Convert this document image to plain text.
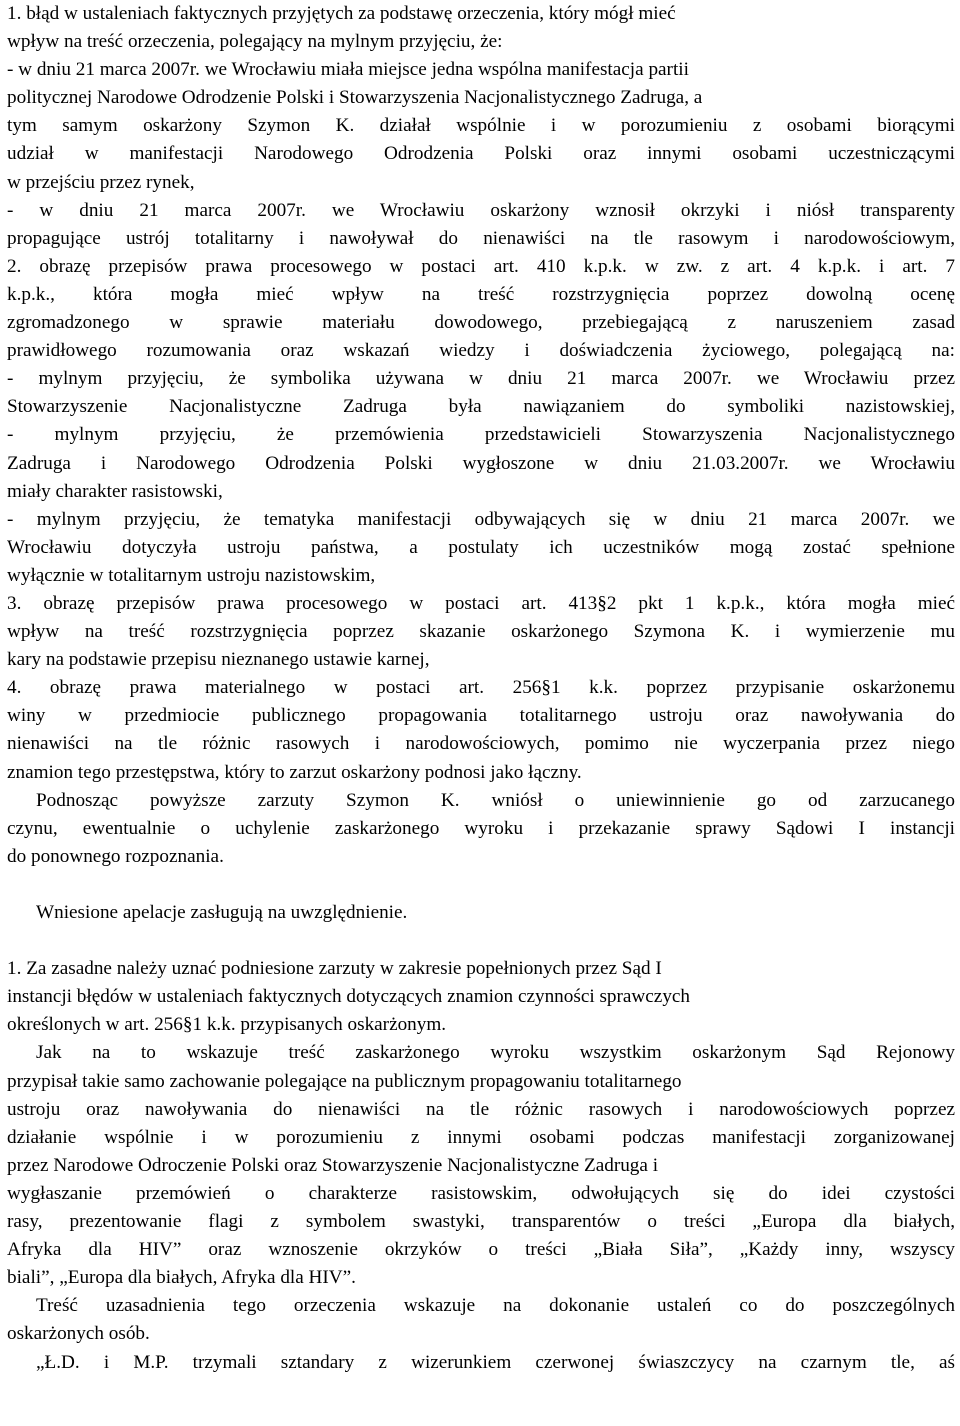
1. błąd w ustaleniach faktycznych przyjętych za podstawę orzeczenia, który mógł mieć
wpływ na treść orzeczenia, polegający na mylnym przyjęciu, że:
- w dniu 21 marca 2007r. we Wrocławiu miała miejsce jedna wspólna manifestacja partii
politycznej Narodowe Odrodzenie Polski i Stowarzyszenia Nacjonalistycznego Zadruga, a
tym samym oskarżony Szymon K. działał wspólnie i w porozumieniu z osobami biorącymi
udział w manifestacji Narodowego Odrodzenia Polski oraz innymi osobami uczestniczącymi
w przejściu przez rynek,
- w dniu 21 marca 2007r. we Wrocławiu oskarżony wznosił okrzyki i niósł transparenty
propagujące ustrój totalitarny i nawoływał do nienawiści na tle rasowym i narodowościowym,
2. obrazę przepisów prawa procesowego w postaci art. 410 k.p.k. w zw. z art. 4 k.p.k. i art. 7
k.p.k., która mogła mieć wpływ na treść rozstrzygnięcia poprzez dowolną ocenę
zgromadzonego w sprawie materiału dowodowego, przebiegającą z naruszeniem zasad
prawidłowego rozumowania oraz wskazań wiedzy i doświadczenia życiowego, polegającą na:
- mylnym przyjęciu, że symbolika używana w dniu 21 marca 2007r. we Wrocławiu przez
Stowarzyszenie Nacjonalistyczne Zadruga była nawiązaniem do symboliki nazistowskiej,
- mylnym przyjęciu, że przemówienia przedstawicieli Stowarzyszenia Nacjonalistycznego
Zadruga i Narodowego Odrodzenia Polski wygłoszone w dniu 21.03.2007r. we Wrocławiu
miały charakter rasistowski,
- mylnym przyjęciu, że tematyka manifestacji odbywających się w dniu 21 marca 2007r. we
Wrocławiu dotyczyła ustroju państwa, a postulaty ich uczestników mogą zostać spełnione
wyłącznie w totalitarnym ustroju nazistowskim,
3. obrazę przepisów prawa procesowego w postaci art. 413§2 pkt 1 k.p.k., która mogła mieć
wpływ na treść rozstrzygnięcia poprzez skazanie oskarżonego Szymona K. i wymierzenie mu
kary na podstawie przepisu nieznanego ustawie karnej,
4. obrazę prawa materialnego w postaci art. 256§1 k.k. poprzez przypisanie oskarżonemu
winy w przedmiocie publicznego propagowania totalitarnego ustroju oraz nawoływania do
nienawiści na tle różnic rasowych i narodowościowych, pomimo nie wyczerpania przez niego
znamion tego przestępstwa, który to zarzut oskarżony podnosi jako łączny.
Podnosząc powyższe zarzuty Szymon K. wniósł o uniewinnienie go od zarzucanego
czynu, ewentualnie o uchylenie zaskarżonego wyroku i przekazanie sprawy Sądowi I instancji
do ponownego rozpoznania.
Wniesione apelacje zasługują na uwzględnienie.
1. Za zasadne należy uznać podniesione zarzuty w zakresie popełnionych przez Sąd I
instancji błędów w ustaleniach faktycznych dotyczących znamion czynności sprawczych
określonych w art. 256§1 k.k. przypisanych oskarżonym.
Jak na to wskazuje treść zaskarżonego wyroku wszystkim oskarżonym Sąd Rejonowy
przypisał takie samo zachowanie polegające na publicznym propagowaniu totalitarnego
ustroju oraz nawoływania do nienawiści na tle różnic rasowych i narodowościowych poprzez
działanie wspólnie i w porozumieniu z innymi osobami podczas manifestacji zorganizowanej
przez Narodowe Odroczenie Polski oraz Stowarzyszenie Nacjonalistyczne Zadruga i
wygłaszanie przemówień o charakterze rasistowskim, odwołujących się do idei czystości
rasy, prezentowanie flagi z symbolem swastyki, transparentów o treści „Europa dla białych,
Afryka dla HIV” oraz wznoszenie okrzyków o treści „Biała Siła”, „Każdy inny, wszyscy
biali”, „Europa dla białych, Afryka dla HIV”.
Treść uzasadnienia tego orzeczenia wskazuje na dokonanie ustaleń co do poszczególnych
oskarżonych osób.
„Ł.D. i M.P. trzymali sztandary z wizerunkiem czerwonej świaszczycy na czarnym tle, aś
